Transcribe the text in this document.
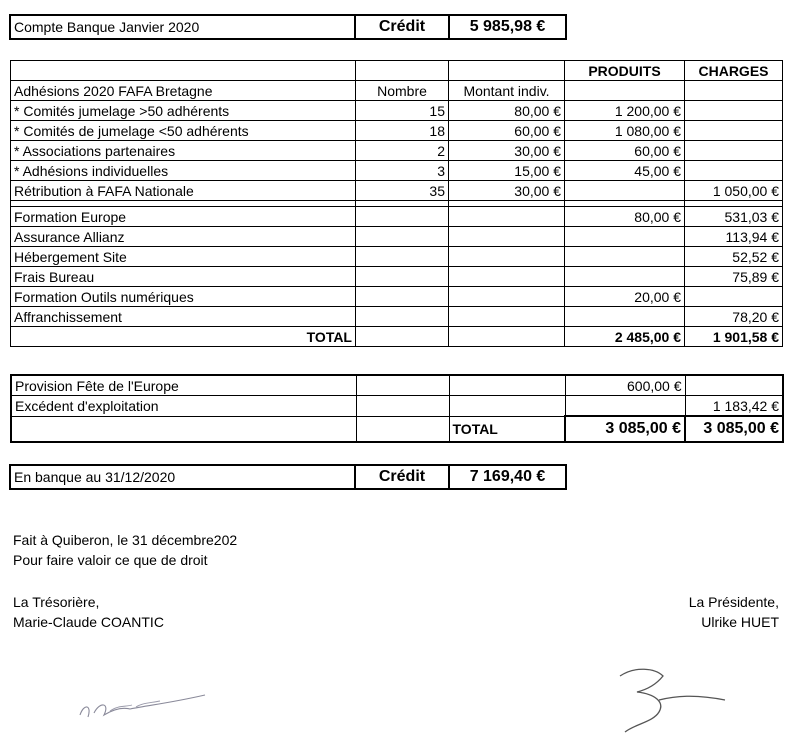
Compte Banque Janvier 2020	Crédit	5 985,98 €
			PRODUITS	CHARGES
Adhésions 2020 FAFA Bretagne	Nombre	Montant indiv.		
* Comités jumelage >50 adhérents	15	80,00 €	1 200,00 €	
* Comités de jumelage <50 adhérents	18	60,00 €	1 080,00 €	
* Associations partenaires	2	30,00 €	60,00 €	
* Adhésions individuelles	3	15,00 €	45,00 €	
Rétribution à FAFA Nationale	35	30,00 €		1 050,00 €

Formation Europe			80,00 €	531,03 €
Assurance Allianz				113,94 €
Hébergement Site				52,52 €
Frais Bureau				75,89 €
Formation Outils numériques			20,00 €	
Affranchissement				78,20 €
TOTAL			2 485,00 €	1 901,58 €
Provision Fête de l'Europe			600,00 €	
Excédent d'exploitation				1 183,42 €
		TOTAL	3 085,00 €	3 085,00 €
En banque au 31/12/2020	Crédit	7 169,40 €
Fait à Quiberon, le 31 décembre202
Pour faire valoir ce que de droit
La Trésorière,
Marie-Claude COANTIC
La Présidente,
Ulrike HUET
